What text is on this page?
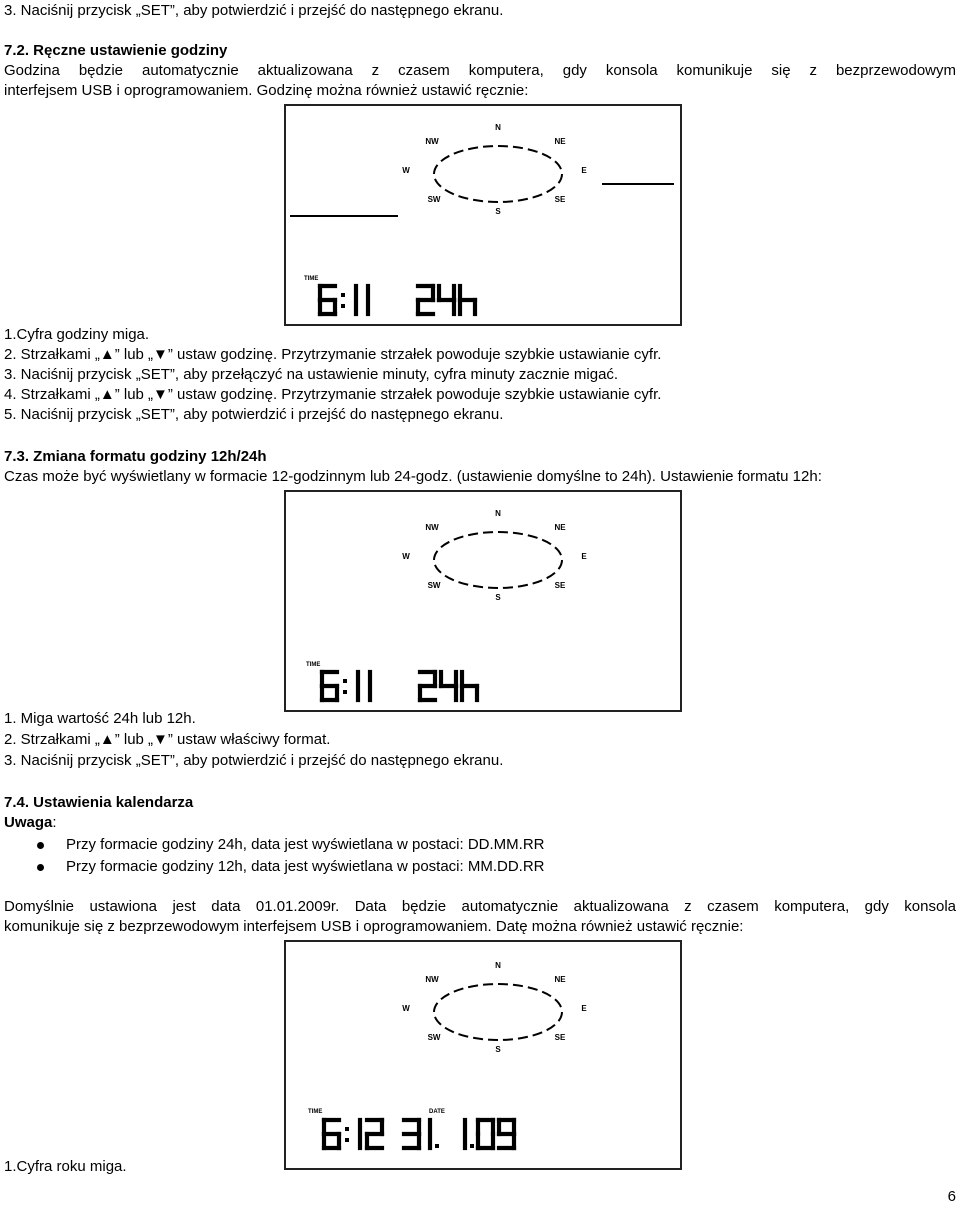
3. Naciśnij przycisk „SET”, aby potwierdzić i przejść do następnego ekranu.
7.2. Ręczne ustawienie godziny
Godzina będzie automatycznie aktualizowana z czasem komputera, gdy konsola komunikuje się z bezprzewodowym
interfejsem USB i oprogramowaniem. Godzinę można również ustawić ręcznie:
N
NW	NE
W	E
SW	SE
S
TIME
1.Cyfra godziny miga.
2. Strzałkami „▲” lub „▼” ustaw godzinę. Przytrzymanie strzałek powoduje szybkie ustawianie cyfr.
3. Naciśnij przycisk „SET”, aby przełączyć na ustawienie minuty, cyfra minuty zacznie migać.
4. Strzałkami „▲” lub „▼” ustaw godzinę. Przytrzymanie strzałek powoduje szybkie ustawianie cyfr.
5. Naciśnij przycisk „SET”, aby potwierdzić i przejść do następnego ekranu.
7.3. Zmiana formatu godziny 12h/24h
Czas może być wyświetlany w formacie 12-godzinnym lub 24-godz. (ustawienie domyślne to 24h). Ustawienie formatu 12h:
N
NW	NE
W	E
SW	SE
S
TIME
1. Miga wartość 24h lub 12h.
2. Strzałkami „▲” lub „▼” ustaw właściwy format.
3. Naciśnij przycisk „SET”, aby potwierdzić i przejść do następnego ekranu.
7.4. Ustawienia kalendarza
Uwaga:
Przy formacie godziny 24h, data jest wyświetlana w postaci: DD.MM.RR
Przy formacie godziny 12h, data jest wyświetlana w postaci: MM.DD.RR
Domyślnie ustawiona jest data 01.01.2009r. Data będzie automatycznie aktualizowana z czasem komputera, gdy konsola
komunikuje się z bezprzewodowym interfejsem USB i oprogramowaniem. Datę można również ustawić ręcznie:
N
NW	NE
W	E
SW	SE
S
TIME	DATE
1.Cyfra roku miga.
6
